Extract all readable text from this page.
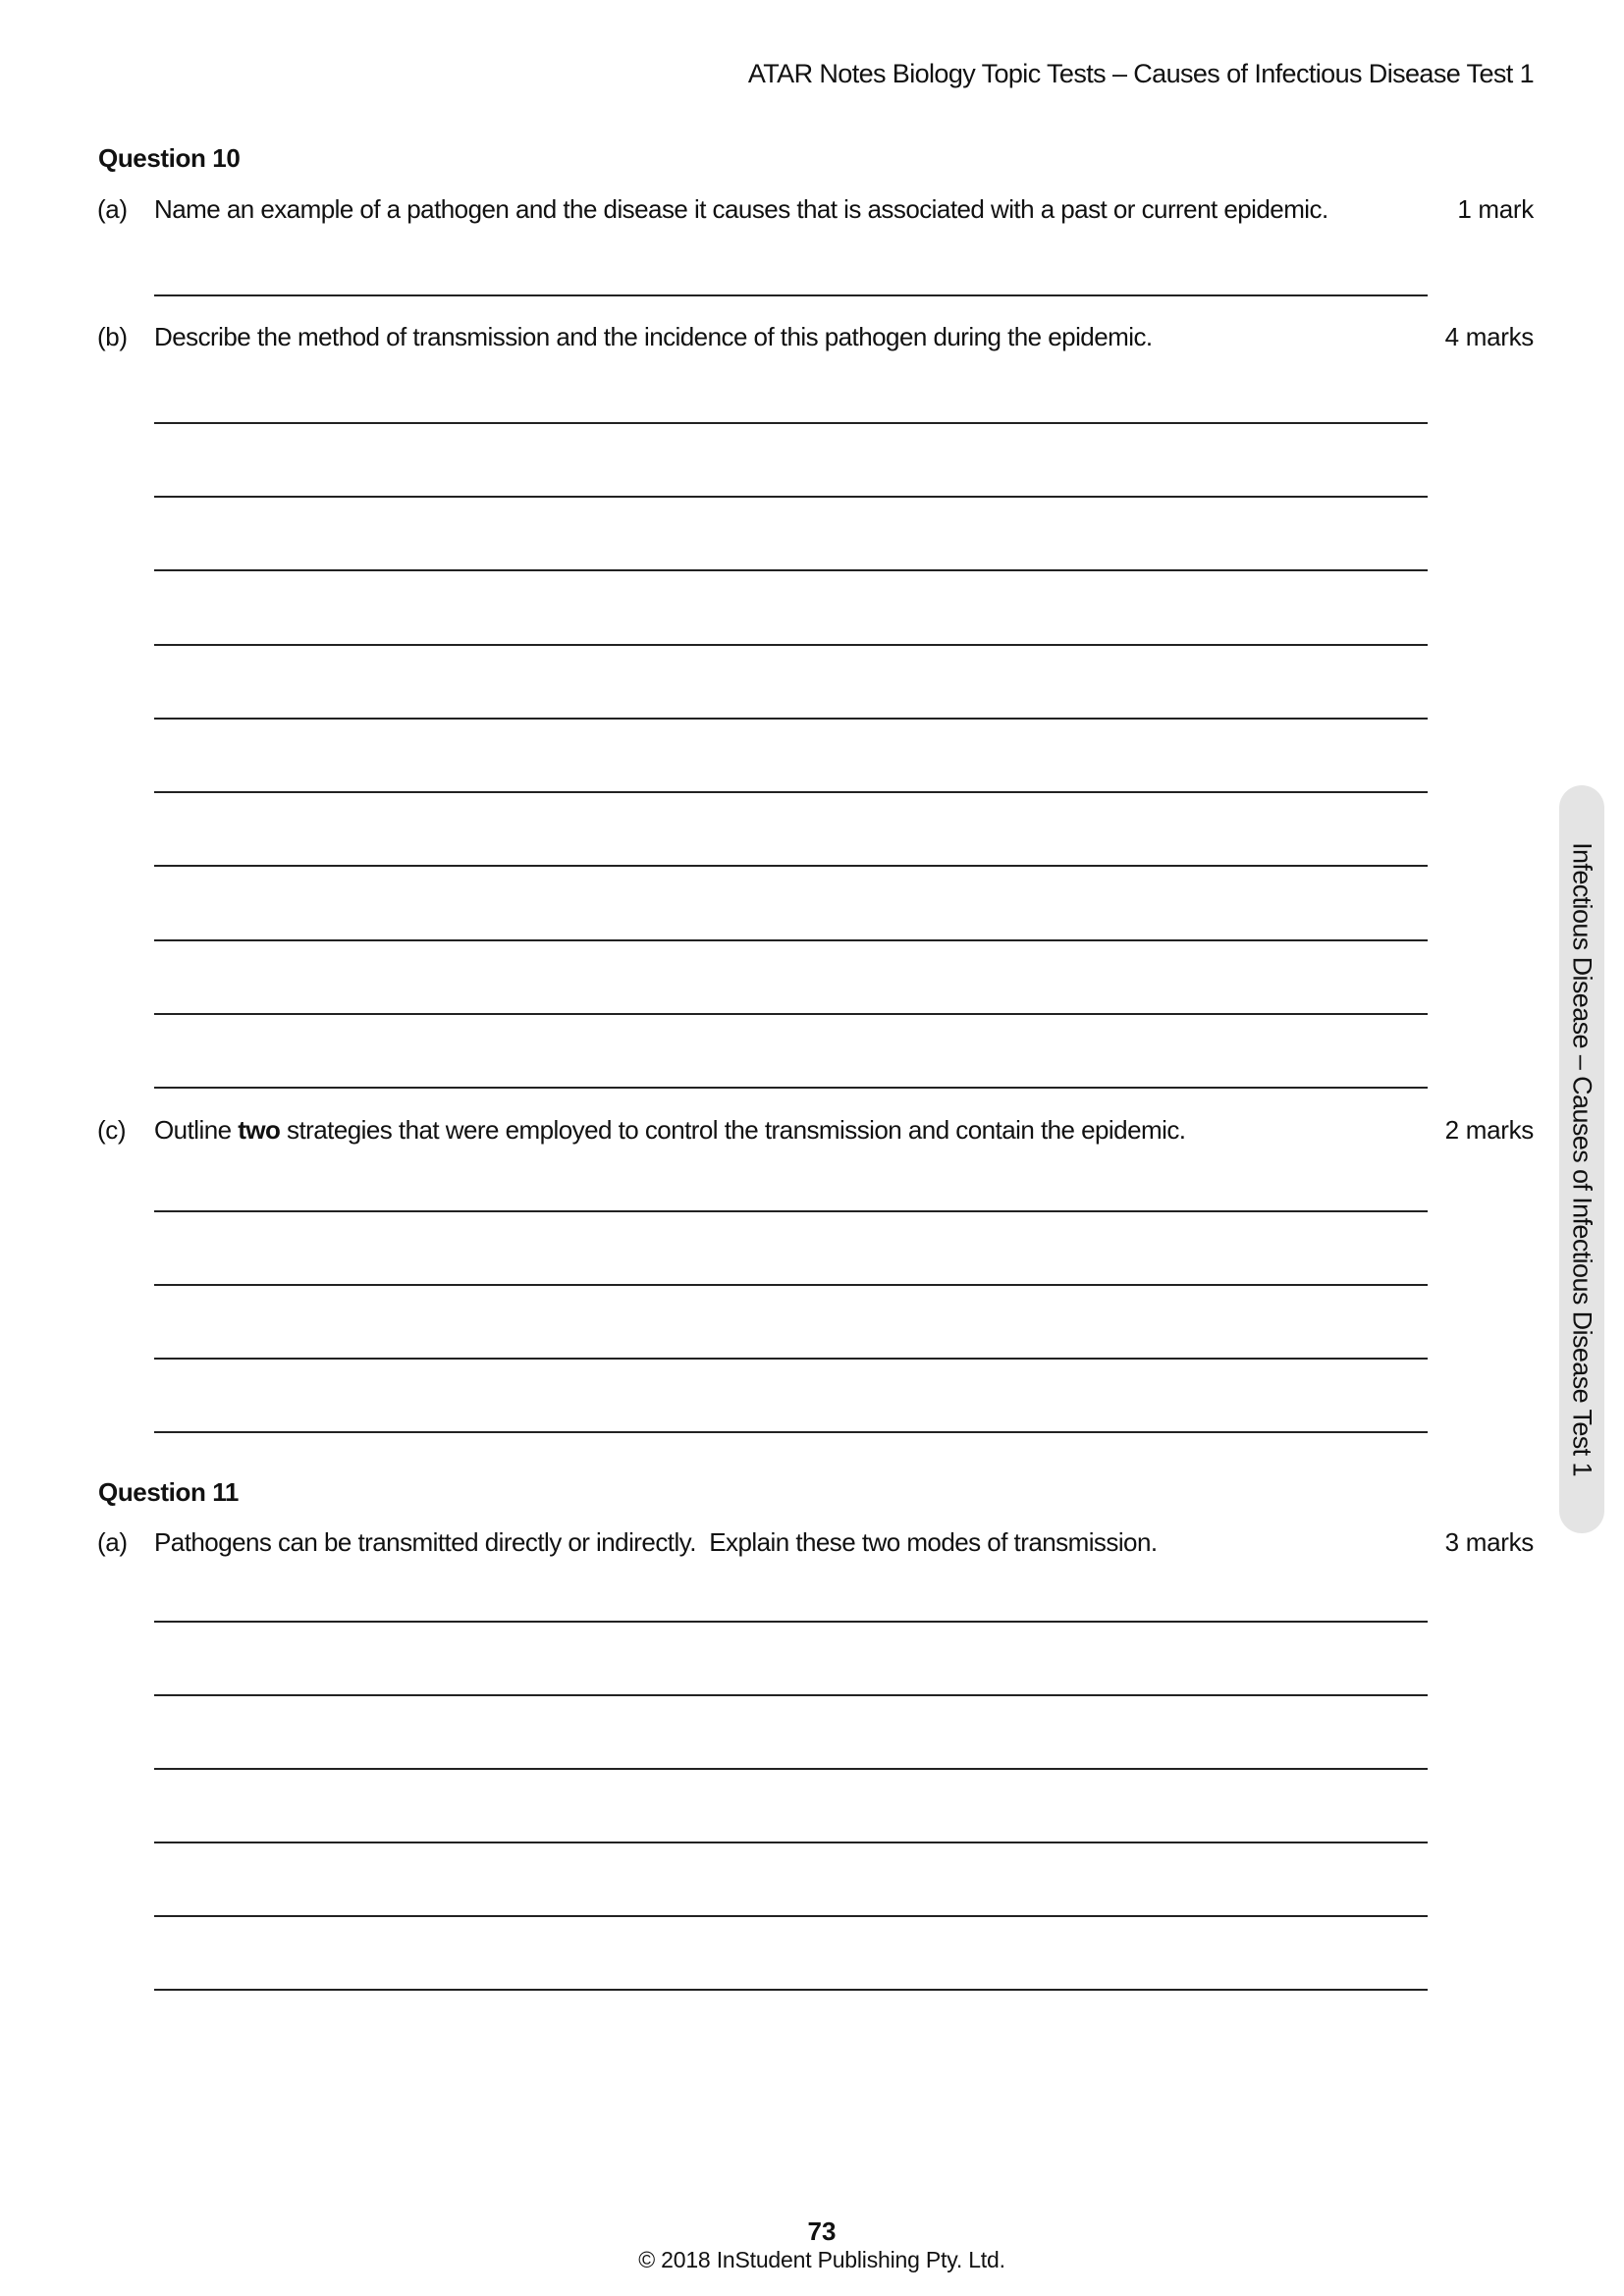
ATAR Notes Biology Topic Tests – Causes of Infectious Disease Test 1
Question 10
(a) Name an example of a pathogen and the disease it causes that is associated with a past or current epidemic.	1 mark
(b) Describe the method of transmission and the incidence of this pathogen during the epidemic.	4 marks
(c) Outline two strategies that were employed to control the transmission and contain the epidemic.	2 marks
Question 11
(a) Pathogens can be transmitted directly or indirectly.  Explain these two modes of transmission.	3 marks
Infectious Disease – Causes of Infectious Disease Test 1
73
© 2018 InStudent Publishing Pty. Ltd.
